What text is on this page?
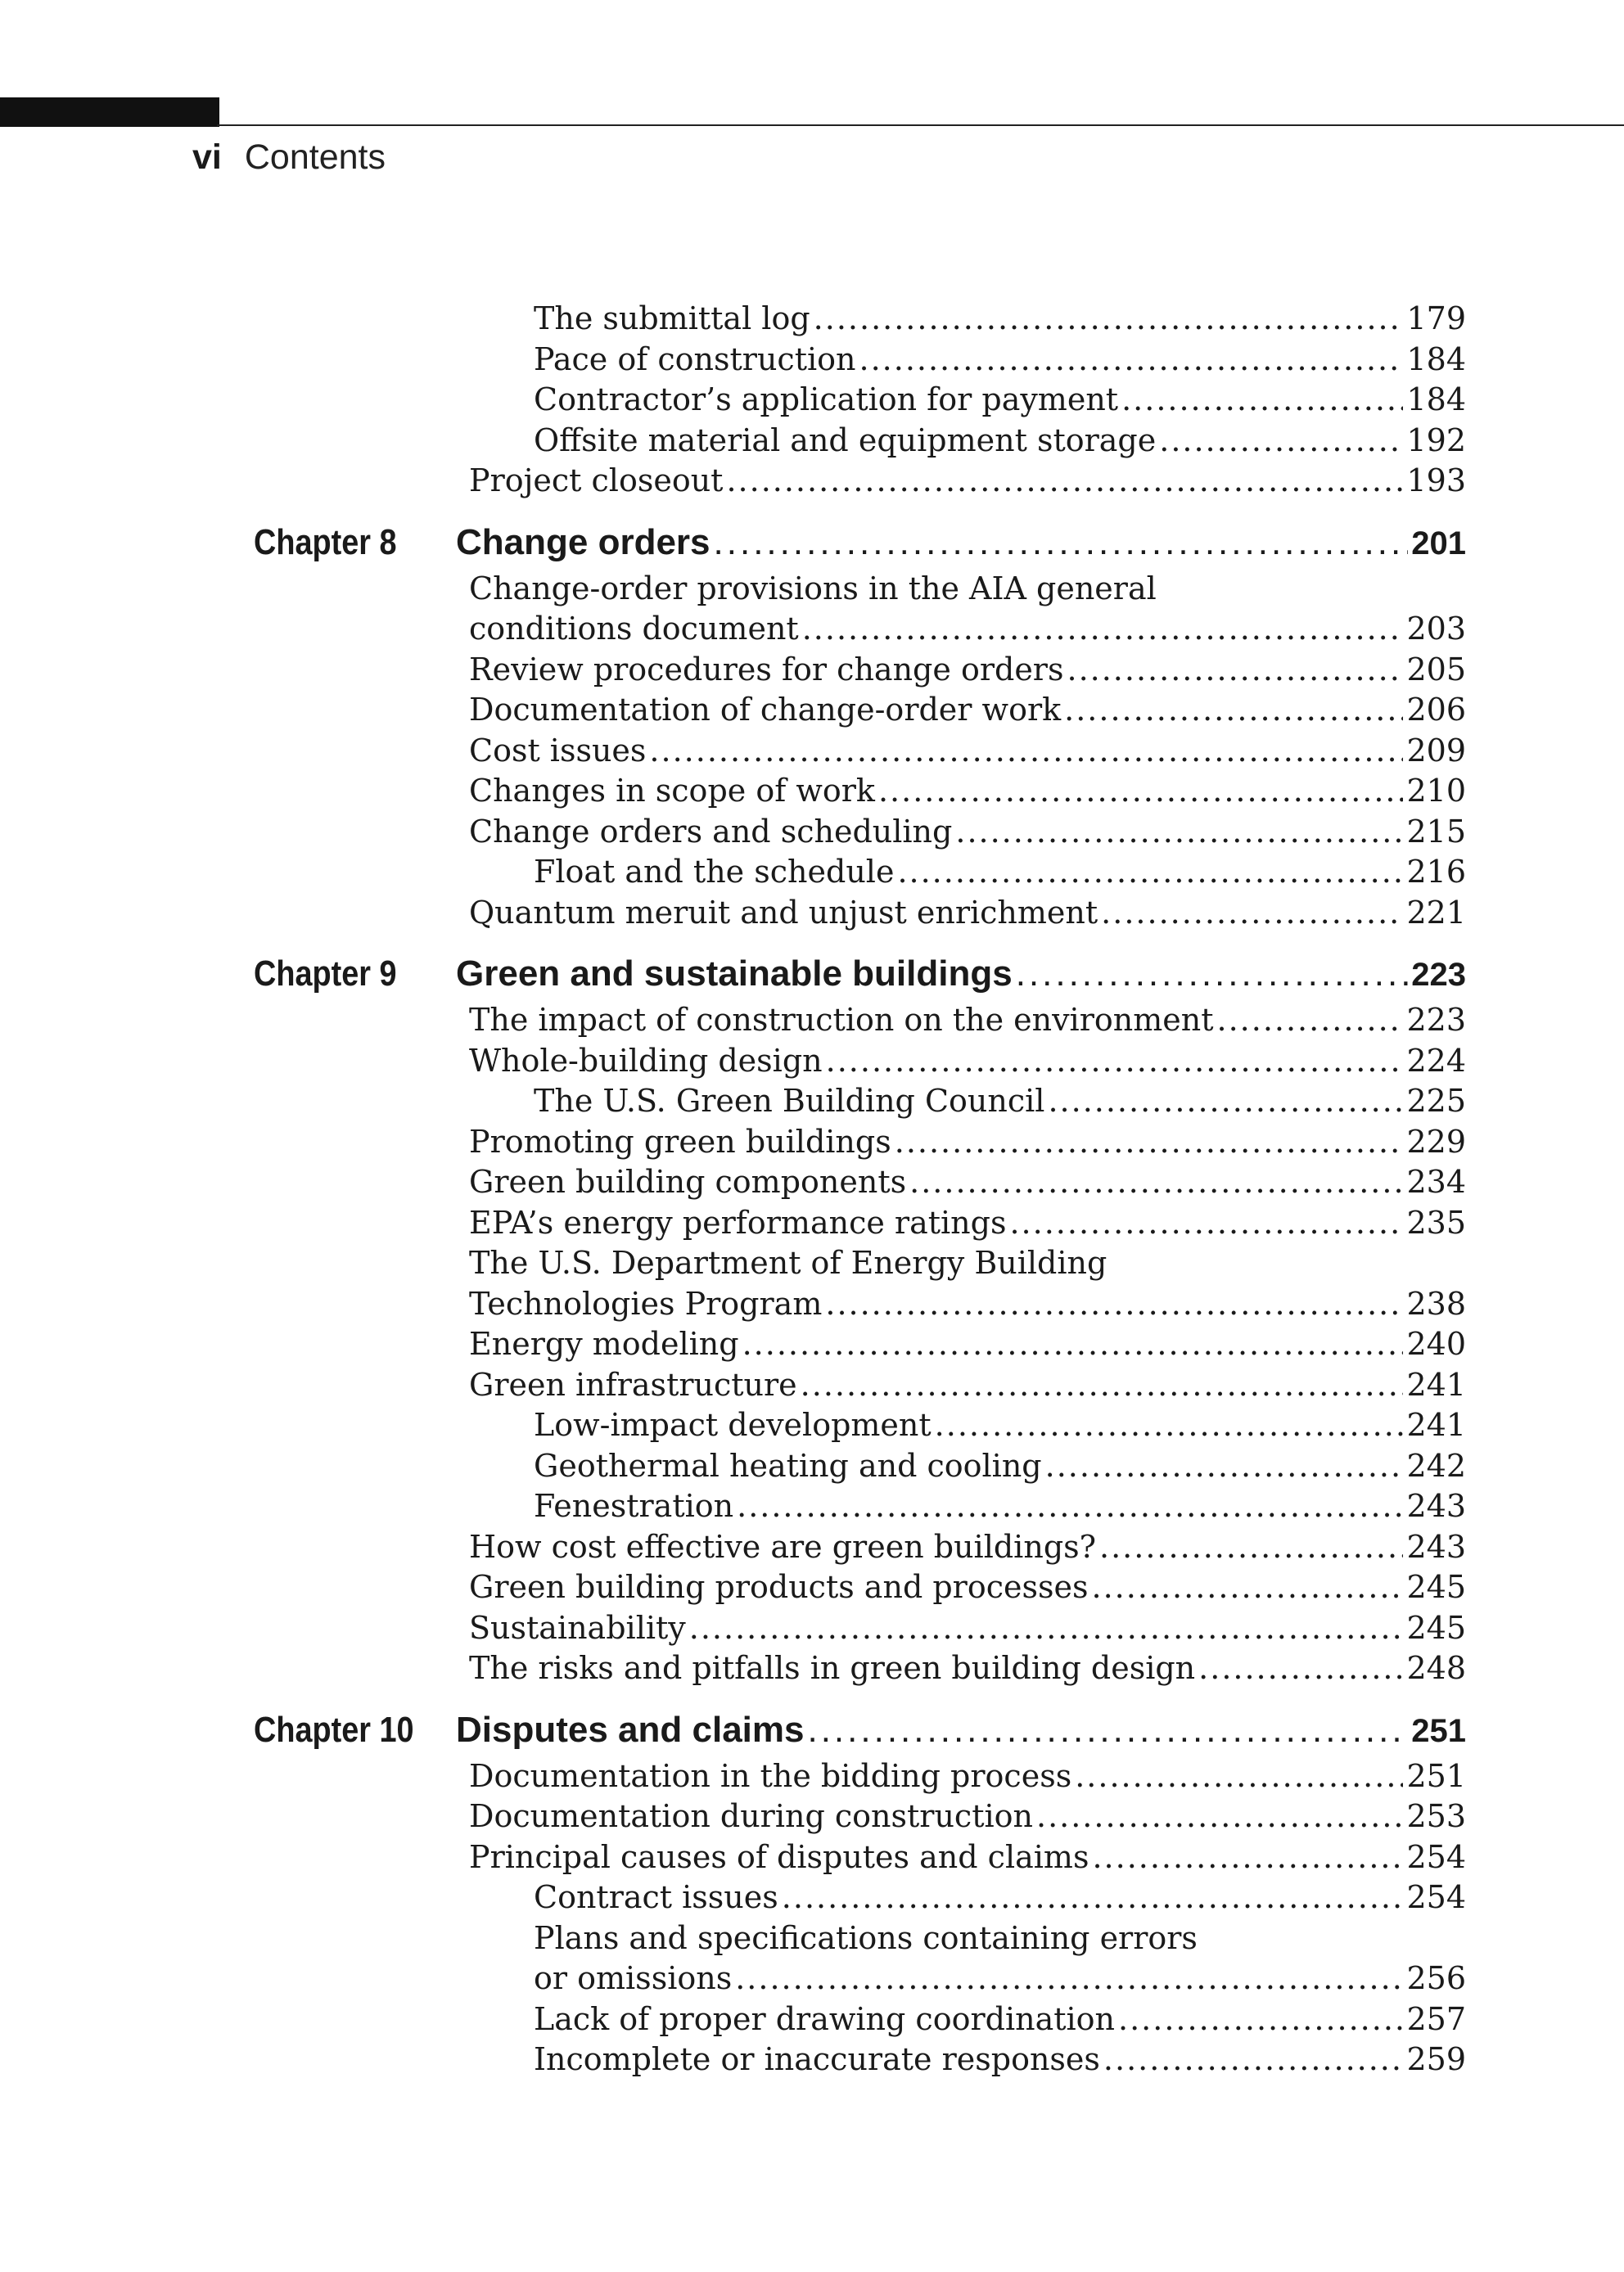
vi Contents
The submittal log .....	179
Pace of construction .....	184
Contractor’s application for payment .....	184
Offsite material and equipment storage .....	192
Project closeout .....	193
Chapter 8 Change orders .....	201
Change-order provisions in the AIA general
conditions document .....	203
Review procedures for change orders .....	205
Documentation of change-order work .....	206
Cost issues .....	209
Changes in scope of work .....	210
Change orders and scheduling .....	215
Float and the schedule .....	216
Quantum meruit and unjust enrichment .....	221
Chapter 9 Green and sustainable buildings .....	223
The impact of construction on the environment .....	223
Whole-building design .....	224
The U.S. Green Building Council .....	225
Promoting green buildings .....	229
Green building components .....	234
EPA’s energy performance ratings .....	235
The U.S. Department of Energy Building
Technologies Program .....	238
Energy modeling .....	240
Green infrastructure .....	241
Low-impact development .....	241
Geothermal heating and cooling .....	242
Fenestration .....	243
How cost effective are green buildings? .....	243
Green building products and processes .....	245
Sustainability .....	245
The risks and pitfalls in green building design .....	248
Chapter 10 Disputes and claims .....	251
Documentation in the bidding process .....	251
Documentation during construction .....	253
Principal causes of disputes and claims .....	254
Contract issues .....	254
Plans and specifications containing errors
or omissions .....	256
Lack of proper drawing coordination .....	257
Incomplete or inaccurate responses .....	259
